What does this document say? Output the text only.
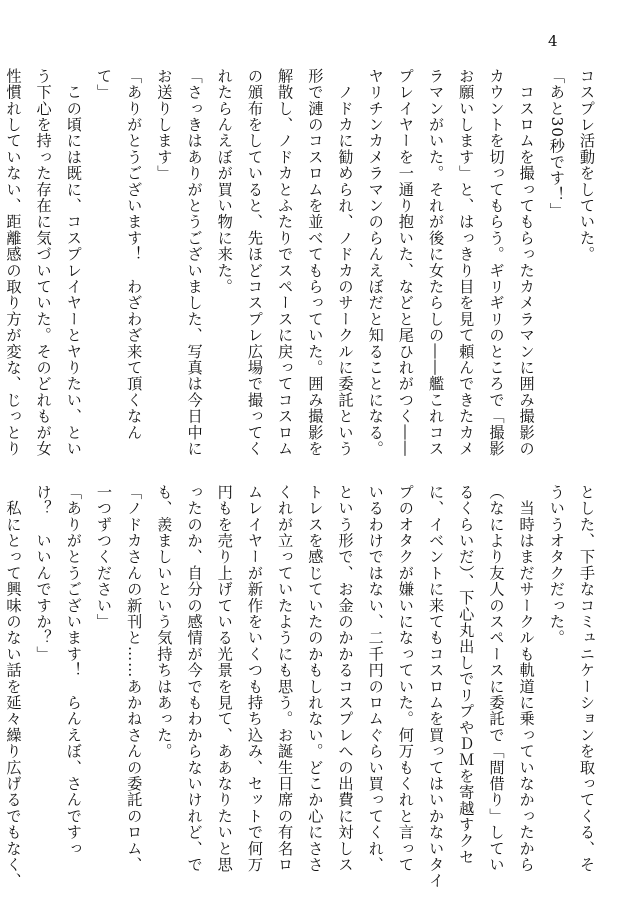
4
コスプレ活動をしていた。
「あと30秒です！」
　コスロムを撮ってもらったカメラマンに囲み撮影の
カウントを切ってもらう。ギリギリのところで「撮影
お願いします」と、はっきり目を見て頼んできたカメ
ラマンがいた。それが後に女たらしの――艦これコス
プレイヤーを一通り抱いた、などと尾ひれがつく――
ヤリチンカメラマンのらんえぼだと知ることになる。
　ノドカに勧められ、ノドカのサークルに委託という
形で漣のコスロムを並べてもらっていた。囲み撮影を
解散し、ノドカとふたりでスペースに戻ってコスロム
の頒布をしていると、先ほどコスプレ広場で撮ってく
れたらんえぼが買い物に来た。
「さっきはありがとうございました、写真は今日中に
お送りします」
「ありがとうございます！　わざわざ来て頂くなん
て」
　この頃には既に、コスプレイヤーとヤりたい、とい
う下心を持った存在に気づいていた。そのどれもが女
性慣れしていない、距離感の取り方が変な、じっとり
とした、下手なコミュニケーションを取ってくる、そ
ういうオタクだった。
　当時はまだサークルも軌道に乗っていなかったから
（なにより友人のスペースに委託で「間借り」してい
るくらいだ）、下心丸出しでリプやＤＭを寄越すクセ
に、イベントに来てもコスロムを買ってはいかないタイ
プのオタクが嫌いになっていた。何万もくれと言って
いるわけではない、二千円のロムぐらい買ってくれ、
という形で、お金のかかるコスプレへの出費に対しス
トレスを感じていたのかもしれない。どこか心にささ
くれが立っていたようにも思う。お誕生日席の有名ロ
ムレイヤーが新作をいくつも持ち込み、セットで何万
円もを売り上げている光景を見て、ああなりたいと思
ったのか、自分の感情が今でもわからないけれど、で
も、羨ましいという気持ちはあった。
「ノドカさんの新刊と……あかねさんの委託のロム、
一つずつください」
「ありがとうございます！　らんえぼ、さんですっ
け？　いいんですか？」
　私にとって興味のない話を延々繰り広げるでもなく、
